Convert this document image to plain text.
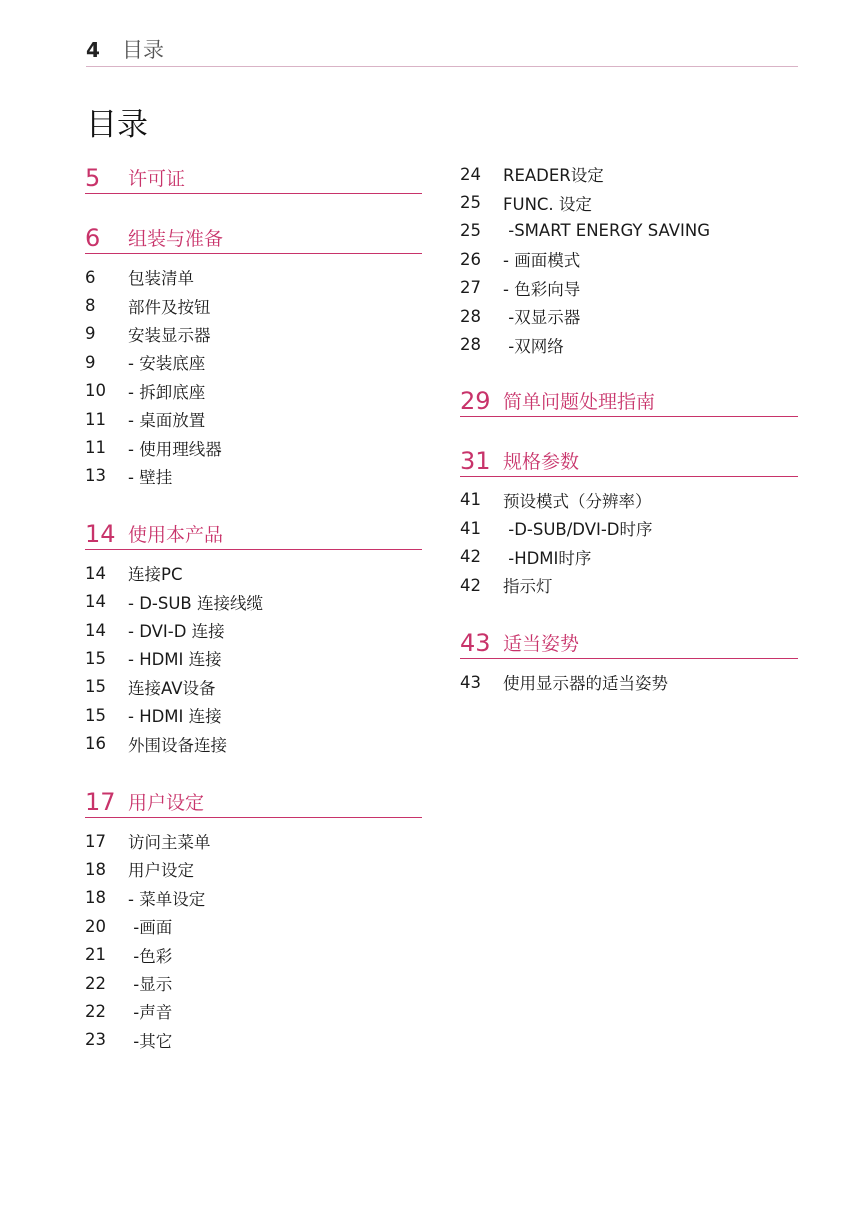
4 目录
目录
5	许可证
6	组装与准备
6	包装清单
8	部件及按钮
9	安装显示器
9	- 安装底座
10	- 拆卸底座
11	- 桌面放置
11	- 使用理线器
13	- 壁挂
14 使用本产品
14	连接PC
14	- D-SUB 连接线缆
14	- DVI-D 连接
15	- HDMI 连接
15	连接AV设备
15	- HDMI 连接
16	外围设备连接
17 用户设定
17	访问主菜单
18	用户设定
18	- 菜单设定
20	-画面
21	-色彩
22	-显示
22	-声音
23	-其它
24	READER设定
25	FUNC. 设定
25	-SMART ENERGY SAVING
26	- 画面模式
27	- 色彩向导
28	-双显示器
28	-双网络
29 简单问题处理指南
31 规格参数
41	预设模式（分辨率）
41	-D-SUB/DVI-D时序
42	-HDMI时序
42	指示灯
43 适当姿势
43	使用显示器的适当姿势
